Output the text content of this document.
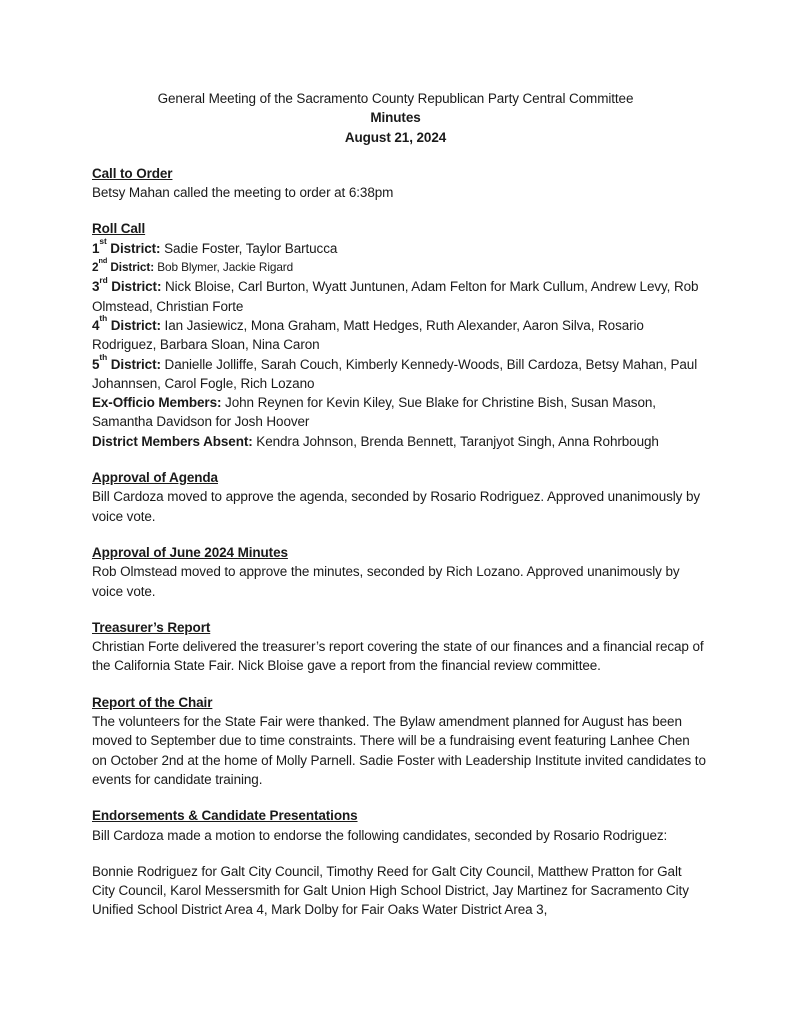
General Meeting of the Sacramento County Republican Party Central Committee
Minutes
August 21, 2024
Call to Order

Betsy Mahan called the meeting to order at 6:38pm

Roll Call

1st District: Sadie Foster, Taylor Bartucca

2nd District: Bob Blymer, Jackie Rigard

3rd District: Nick Bloise, Carl Burton, Wyatt Juntunen, Adam Felton for Mark Cullum, Andrew Levy, Rob Olmstead, Christian Forte

4th District: Ian Jasiewicz, Mona Graham, Matt Hedges, Ruth Alexander, Aaron Silva, Rosario Rodriguez, Barbara Sloan, Nina Caron

5th District: Danielle Jolliffe, Sarah Couch, Kimberly Kennedy-Woods, Bill Cardoza, Betsy Mahan, Paul Johannsen, Carol Fogle, Rich Lozano

Ex-Officio Members: John Reynen for Kevin Kiley, Sue Blake for Christine Bish, Susan Mason, Samantha Davidson for Josh Hoover

District Members Absent: Kendra Johnson, Brenda Bennett, Taranjyot Singh, Anna Rohrbough

Approval of Agenda

Bill Cardoza moved to approve the agenda, seconded by Rosario Rodriguez. Approved unanimously by voice vote.

Approval of June 2024 Minutes

Rob Olmstead moved to approve the minutes, seconded by Rich Lozano. Approved unanimously by voice vote.

Treasurer’s Report

Christian Forte delivered the treasurer’s report covering the state of our finances and a financial recap of the California State Fair. Nick Bloise gave a report from the financial review committee.

Report of the Chair

The volunteers for the State Fair were thanked. The Bylaw amendment planned for August has been moved to September due to time constraints. There will be a fundraising event featuring Lanhee Chen on October 2nd at the home of Molly Parnell. Sadie Foster with Leadership Institute invited candidates to events for candidate training.

Endorsements & Candidate Presentations

Bill Cardoza made a motion to endorse the following candidates, seconded by Rosario Rodriguez:

Bonnie Rodriguez for Galt City Council, Timothy Reed for Galt City Council, Matthew Pratton for Galt City Council, Karol Messersmith for Galt Union High School District, Jay Martinez for Sacramento City Unified School District Area 4, Mark Dolby for Fair Oaks Water District Area 3,
